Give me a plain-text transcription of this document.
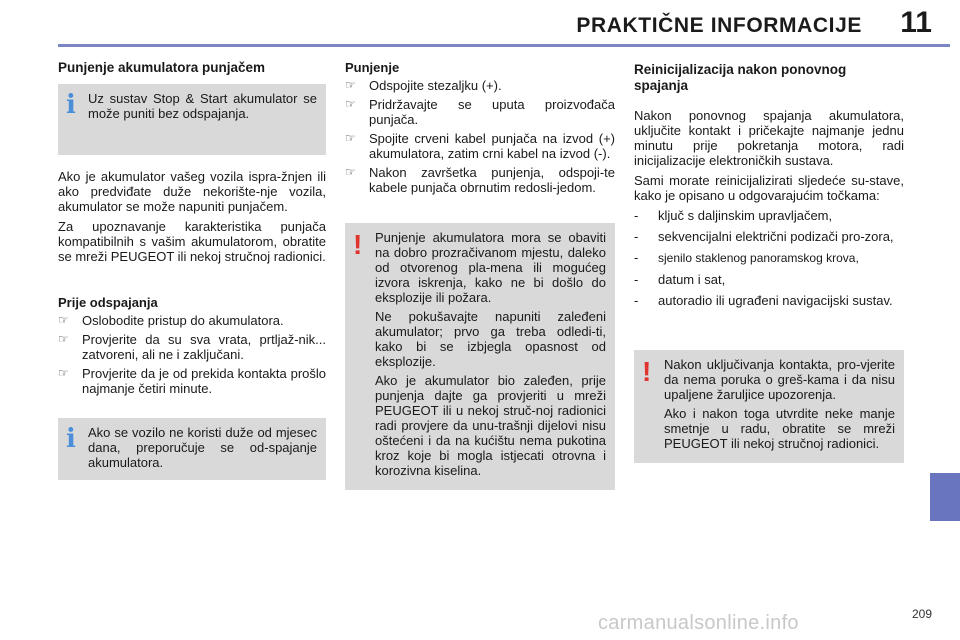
PRAKTIČNE INFORMACIJE 11
Punjenje akumulatora punjačem
i Uz sustav Stop & Start akumulator se može puniti bez odspajanja.
Ako je akumulator vašeg vozila ispra-žnjen ili ako predviđate duže nekorište-nje vozila, akumulator se može napuniti punjačem.
Za upoznavanje karakteristika punjača kompatibilnih s vašim akumulatorom, obratite se mreži PEUGEOT ili nekoj stručnoj radionici.
Prije odspajanja
☞ Oslobodite pristup do akumulatora.
☞ Provjerite da su sva vrata, prtljaž-nik... zatvoreni, ali ne i zaključani.
☞ Provjerite da je od prekida kontakta prošlo najmanje četiri minute.
i Ako se vozilo ne koristi duže od mjesec dana, preporučuje se od-spajanje akumulatora.
Punjenje
☞ Odspojite stezaljku (+).
☞ Pridržavajte se uputa proizvođača punjača.
☞ Spojite crveni kabel punjača na izvod (+) akumulatora, zatim crni kabel na izvod (-).
☞ Nakon završetka punjenja, odspoji-te kabele punjača obrnutim redosli-jedom.
! Punjenje akumulatora mora se obaviti na dobro prozračivanom mjestu, daleko od otvorenog pla-mena ili mogućeg izvora iskrenja, kako ne bi došlo do eksplozije ili požara.
Ne pokušavajte napuniti zaleđeni akumulator; prvo ga treba odledi-ti, kako bi se izbjegla opasnost od eksplozije.
Ako je akumulator bio zaleđen, prije punjenja dajte ga provjeriti u mreži PEUGEOT ili u nekoj struč-noj radionici radi provjere da unu-trašnji dijelovi nisu oštećeni i da na kućištu nema pukotina kroz koje bi mogla istjecati otrovna i korozivna kiselina.
Reinicijalizacija nakon ponovnog spajanja
Nakon ponovnog spajanja akumulatora, uključite kontakt i pričekajte najmanje jednu minutu prije pokretanja motora, radi inicijalizacije elektroničkih sustava.
Sami morate reinicijalizirati sljedeće su-stave, kako je opisano u odgovarajućim točkama:
- ključ s daljinskim upravljačem,
- sekvencijalni električni podizači pro-zora,
- sjenilo staklenog panoramskog krova,
- datum i sat,
- autoradio ili ugrađeni navigacijski sustav.
! Nakon uključivanja kontakta, pro-vjerite da nema poruka o greš-kama i da nisu upaljene žaruljice upozorenja.
Ako i nakon toga utvrdite neke manje smetnje u radu, obratite se mreži PEUGEOT ili nekoj stručnoj radionici.
209
carmanualsonline.info
